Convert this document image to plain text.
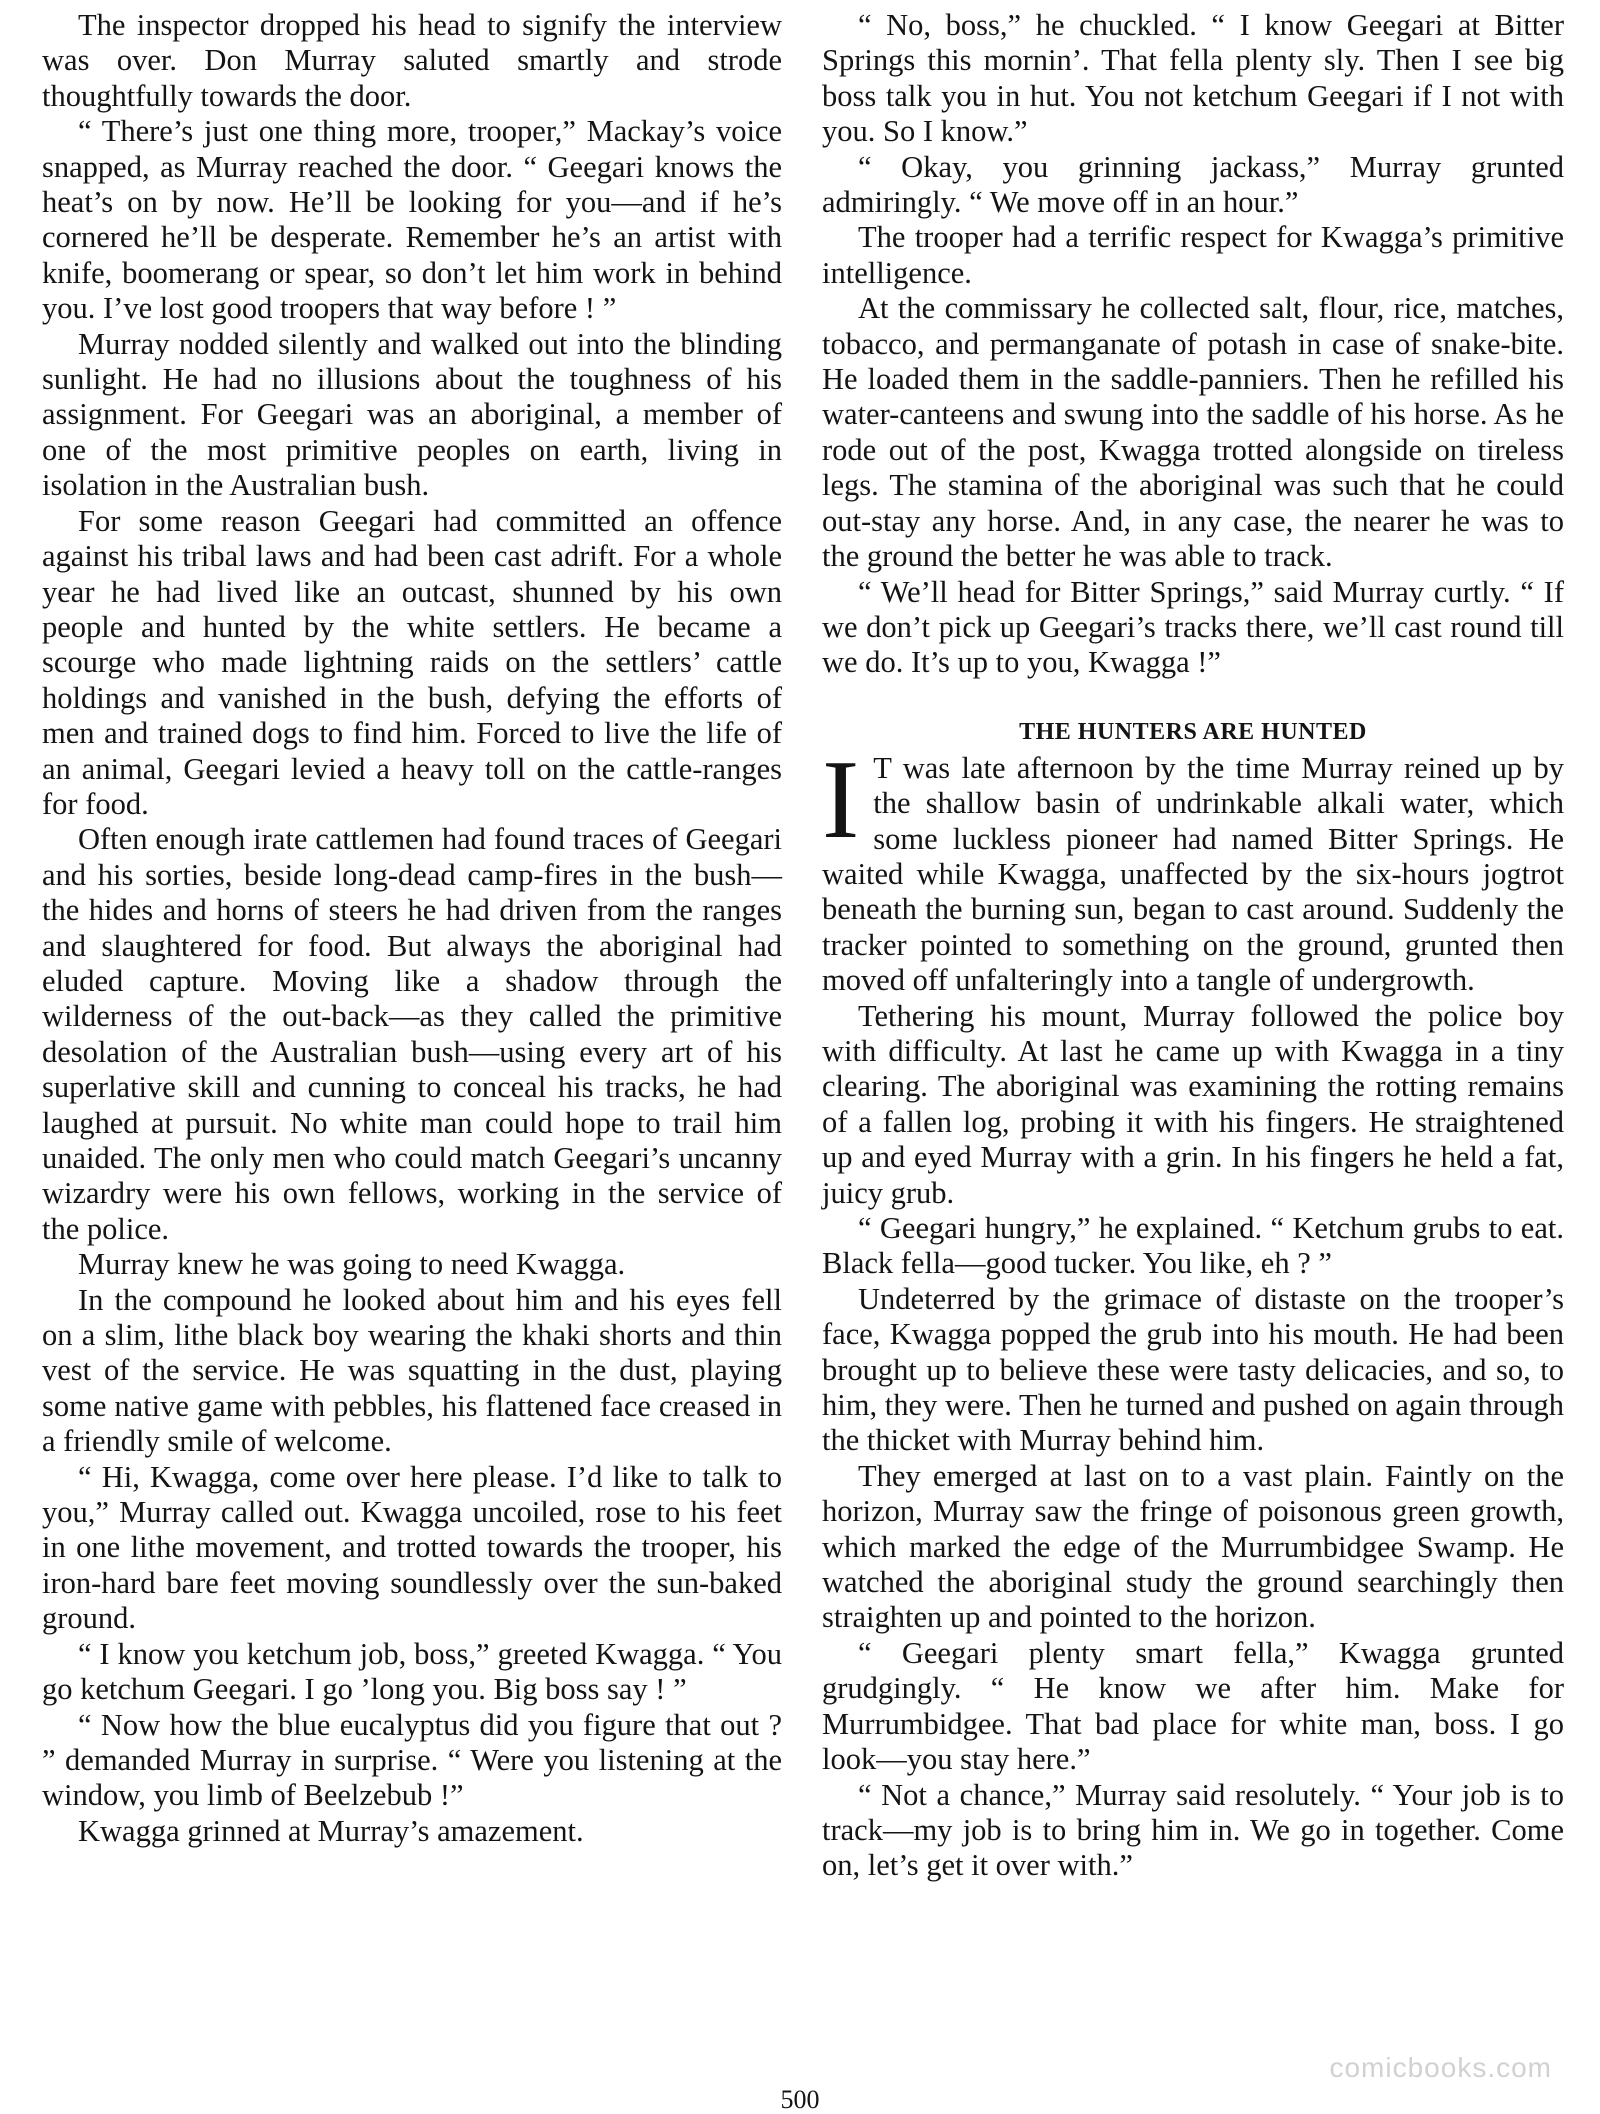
The inspector dropped his head to signify the interview was over. Don Murray saluted smartly and strode thoughtfully towards the door.

“ There’s just one thing more, trooper,” Mackay’s voice snapped, as Murray reached the door. “ Geegari knows the heat’s on by now. He’ll be looking for you—and if he’s cornered he’ll be desperate. Remember he’s an artist with knife, boomerang or spear, so don’t let him work in behind you. I’ve lost good troopers that way before ! ”

Murray nodded silently and walked out into the blinding sunlight. He had no illusions about the toughness of his assignment. For Geegari was an aboriginal, a member of one of the most primitive peoples on earth, living in isolation in the Australian bush.

For some reason Geegari had committed an offence against his tribal laws and had been cast adrift. For a whole year he had lived like an outcast, shunned by his own people and hunted by the white settlers. He became a scourge who made lightning raids on the settlers’ cattle holdings and vanished in the bush, defying the efforts of men and trained dogs to find him. Forced to live the life of an animal, Geegari levied a heavy toll on the cattle-ranges for food.

Often enough irate cattlemen had found traces of Geegari and his sorties, beside long-dead camp-fires in the bush—the hides and horns of steers he had driven from the ranges and slaughtered for food. But always the aboriginal had eluded capture. Moving like a shadow through the wilderness of the out-back—as they called the primitive desolation of the Australian bush—using every art of his superlative skill and cunning to conceal his tracks, he had laughed at pursuit. No white man could hope to trail him unaided. The only men who could match Geegari’s uncanny wizardry were his own fellows, working in the service of the police.

Murray knew he was going to need Kwagga.

In the compound he looked about him and his eyes fell on a slim, lithe black boy wearing the khaki shorts and thin vest of the service. He was squatting in the dust, playing some native game with pebbles, his flattened face creased in a friendly smile of welcome.

“ Hi, Kwagga, come over here please. I’d like to talk to you,” Murray called out. Kwagga uncoiled, rose to his feet in one lithe movement, and trotted towards the trooper, his iron-hard bare feet moving soundlessly over the sun-baked ground.

“ I know you ketchum job, boss,” greeted Kwagga. “ You go ketchum Geegari. I go ’long you. Big boss say ! ”

“ Now how the blue eucalyptus did you figure that out ? ” demanded Murray in surprise. “ Were you listening at the window, you limb of Beelzebub !”

Kwagga grinned at Murray’s amazement.

“ No, boss,” he chuckled. “ I know Geegari at Bitter Springs this mornin’. That fella plenty sly. Then I see big boss talk you in hut. You not ketchum Geegari if I not with you. So I know.”

“ Okay, you grinning jackass,” Murray grunted admiringly. “ We move off in an hour.”

The trooper had a terrific respect for Kwagga’s primitive intelligence.

At the commissary he collected salt, flour, rice, matches, tobacco, and permanganate of potash in case of snake-bite. He loaded them in the saddle-panniers. Then he refilled his water-canteens and swung into the saddle of his horse. As he rode out of the post, Kwagga trotted alongside on tireless legs. The stamina of the aboriginal was such that he could out-stay any horse. And, in any case, the nearer he was to the ground the better he was able to track.

“ We’ll head for Bitter Springs,” said Murray curtly. “ If we don’t pick up Geegari’s tracks there, we’ll cast round till we do. It’s up to you, Kwagga !”

THE HUNTERS ARE HUNTED

I T was late afternoon by the time Murray reined up by the shallow basin of undrinkable alkali water, which some luckless pioneer had named Bitter Springs. He waited while Kwagga, unaffected by the six-hours jogtrot beneath the burning sun, began to cast around. Suddenly the tracker pointed to something on the ground, grunted then moved off unfalteringly into a tangle of undergrowth.

Tethering his mount, Murray followed the police boy with difficulty. At last he came up with Kwagga in a tiny clearing. The aboriginal was examining the rotting remains of a fallen log, probing it with his fingers. He straightened up and eyed Murray with a grin. In his fingers he held a fat, juicy grub.

“ Geegari hungry,” he explained. “ Ketchum grubs to eat. Black fella—good tucker. You like, eh ? ”

Undeterred by the grimace of distaste on the trooper’s face, Kwagga popped the grub into his mouth. He had been brought up to believe these were tasty delicacies, and so, to him, they were. Then he turned and pushed on again through the thicket with Murray behind him.

They emerged at last on to a vast plain. Faintly on the horizon, Murray saw the fringe of poisonous green growth, which marked the edge of the Murrumbidgee Swamp. He watched the aboriginal study the ground searchingly then straighten up and pointed to the horizon.

“ Geegari plenty smart fella,” Kwagga grunted grudgingly. “ He know we after him. Make for Murrumbidgee. That bad place for white man, boss. I go look—you stay here.”

“ Not a chance,” Murray said resolutely. “ Your job is to track—my job is to bring him in. We go in together. Come on, let’s get it over with.”

comicbooks.com
500
